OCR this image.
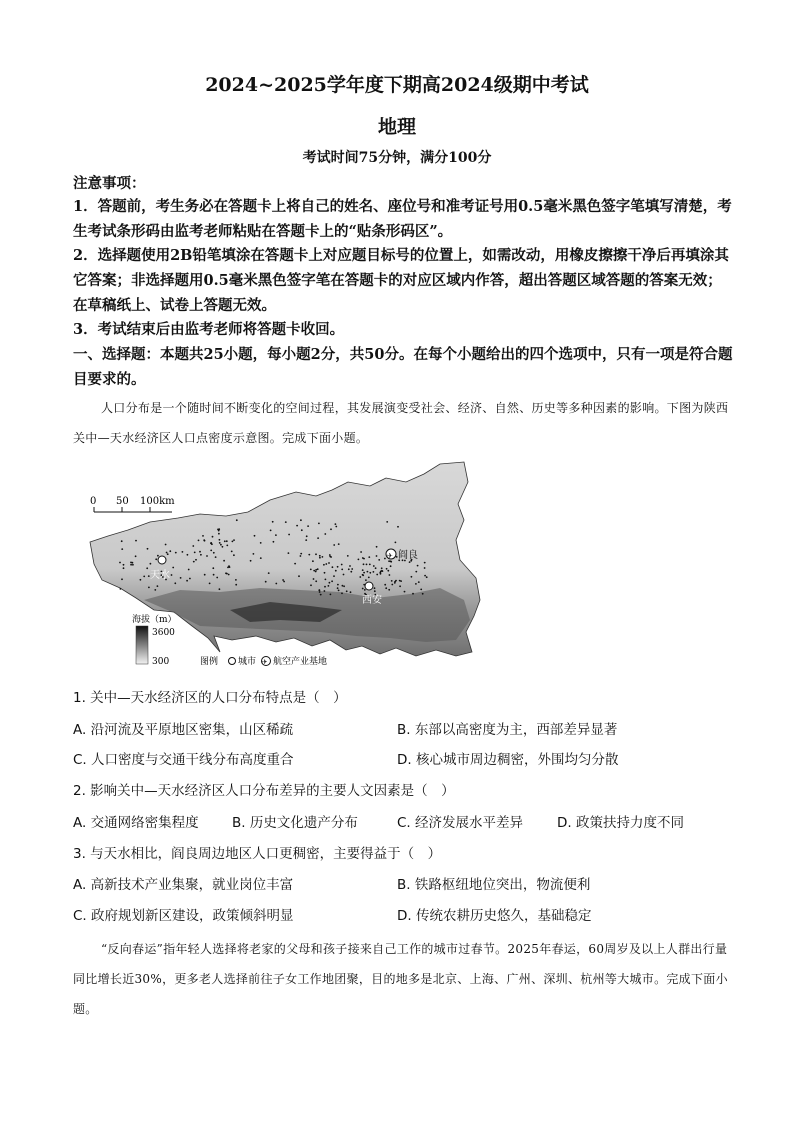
2024~2025学年度下期高2024级期中考试
地理
考试时间75分钟，满分100分
注意事项：
1．答题前，考生务必在答题卡上将自己的姓名、座位号和准考证号用0.5毫米黑色签字笔填写清楚，考生考试条形码由监考老师粘贴在答题卡上的“贴条形码区”。
2．选择题使用2B铅笔填涂在答题卡上对应题目标号的位置上，如需改动，用橡皮擦擦干净后再填涂其它答案；非选择题用0.5毫米黑色签字笔在答题卡的对应区域内作答，超出答题区域答题的答案无效；在草稿纸上、试卷上答题无效。
3．考试结束后由监考老师将答题卡收回。
一、选择题：本题共25小题，每小题2分，共50分。在每个小题给出的四个选项中，只有一项是符合题目要求的。
人口分布是一个随时间不断变化的空间过程，其发展演变受社会、经济、自然、历史等多种因素的影响。下图为陕西关中—天水经济区人口点密度示意图。完成下面小题。
0 50 100km
天水
✈ 阎良
西安
海拔（m）
3600
300	图例 城市 ✈ 航空产业基地
1. 关中—天水经济区的人口分布特点是（　）
A. 沿河流及平原地区密集，山区稀疏	B. 东部以高密度为主，西部差异显著
C. 人口密度与交通干线分布高度重合	D. 核心城市周边稠密，外围均匀分散
2. 影响关中—天水经济区人口分布差异的主要人文因素是（　）
A. 交通网络密集程度 B. 历史文化遗产分布	C. 经济发展水平差异	D. 政策扶持力度不同
3. 与天水相比，阎良周边地区人口更稠密，主要得益于（　）
A. 高新技术产业集聚，就业岗位丰富	B. 铁路枢纽地位突出，物流便利
C. 政府规划新区建设，政策倾斜明显	D. 传统农耕历史悠久，基础稳定
“反向春运”指年轻人选择将老家的父母和孩子接来自己工作的城市过春节。2025年春运，60周岁及以上人群出行量同比增长近30%，更多老人选择前往子女工作地团聚，目的地多是北京、上海、广州、深圳、杭州等大城市。完成下面小题。
